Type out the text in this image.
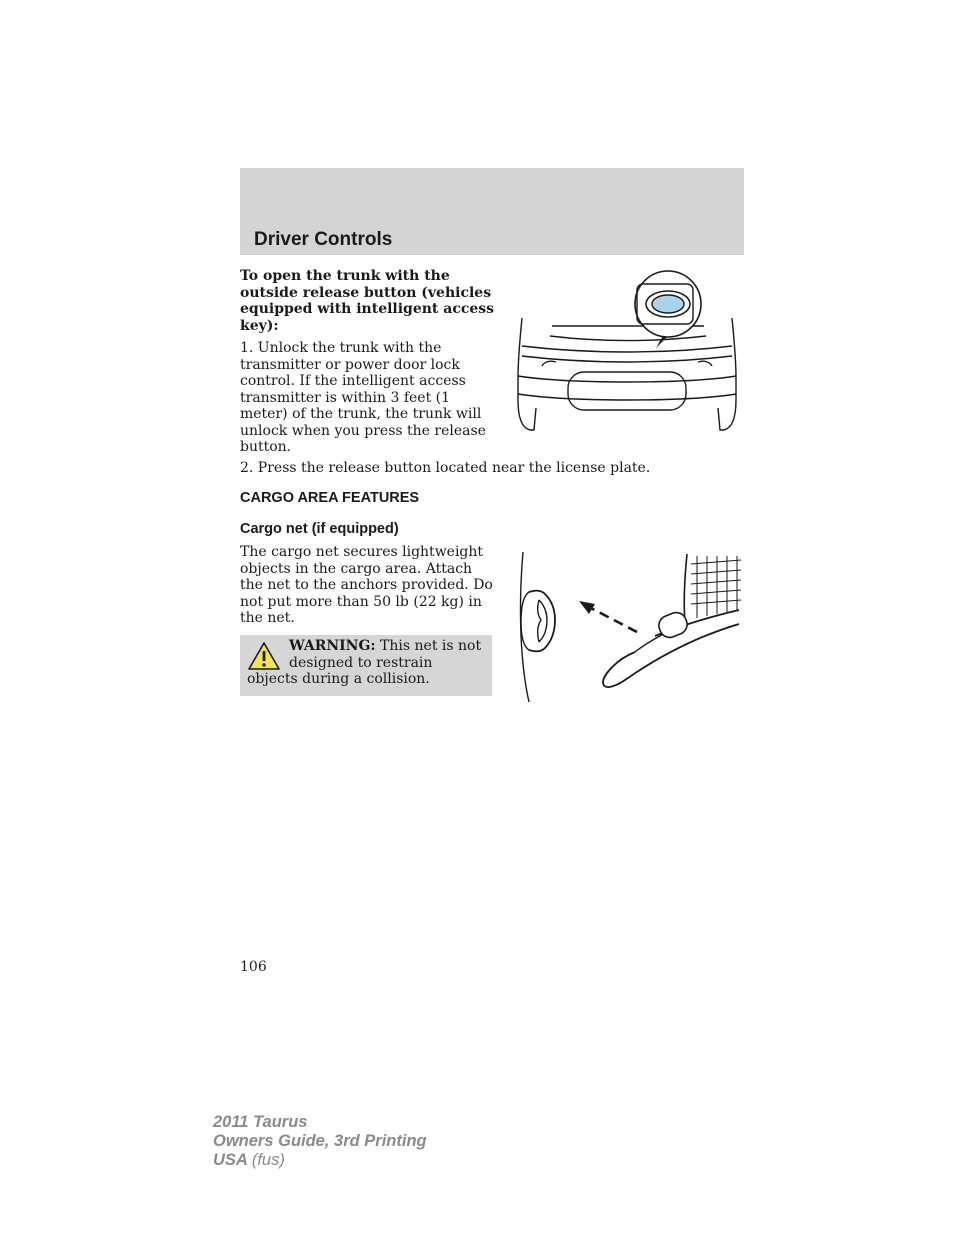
Driver Controls

To open the trunk with the outside release button (vehicles equipped with intelligent access key):

1. Unlock the trunk with the transmitter or power door lock control. If the intelligent access transmitter is within 3 feet (1 meter) of the trunk, the trunk will unlock when you press the release button.

2. Press the release button located near the license plate.

CARGO AREA FEATURES
Cargo net (if equipped)

The cargo net secures lightweight objects in the cargo area. Attach the net to the anchors provided. Do not put more than 50 lb (22 kg) in the net.

WARNING: This net is not designed to restrain objects during a collision.

106

2011 Taurus
Owners Guide, 3rd Printing
USA (fus)
